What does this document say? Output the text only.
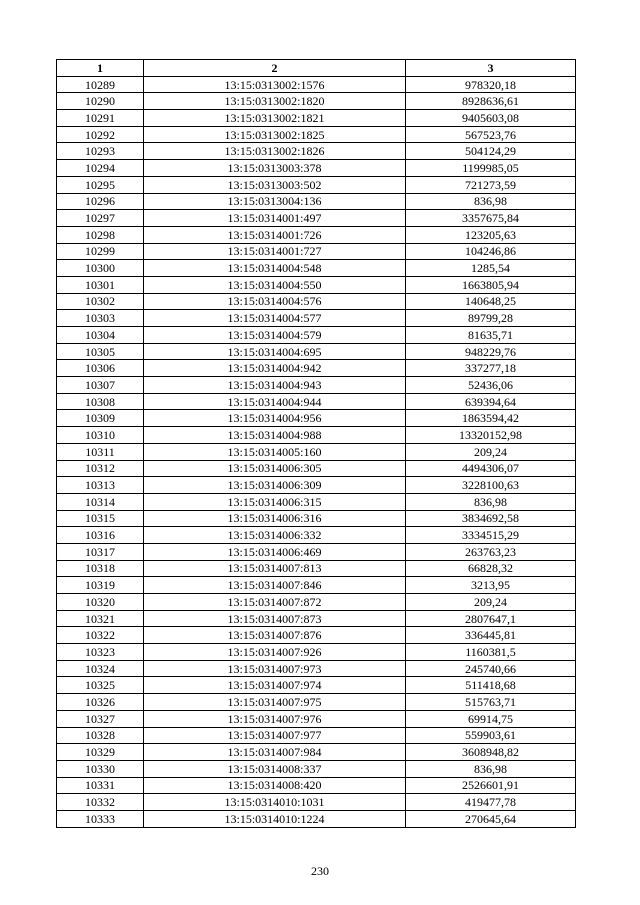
1	2	3
10289	13:15:0313002:1576	978320,18
10290	13:15:0313002:1820	8928636,61
10291	13:15:0313002:1821	9405603,08
10292	13:15:0313002:1825	567523,76
10293	13:15:0313002:1826	504124,29
10294	13:15:0313003:378	1199985,05
10295	13:15:0313003:502	721273,59
10296	13:15:0313004:136	836,98
10297	13:15:0314001:497	3357675,84
10298	13:15:0314001:726	123205,63
10299	13:15:0314001:727	104246,86
10300	13:15:0314004:548	1285,54
10301	13:15:0314004:550	1663805,94
10302	13:15:0314004:576	140648,25
10303	13:15:0314004:577	89799,28
10304	13:15:0314004:579	81635,71
10305	13:15:0314004:695	948229,76
10306	13:15:0314004:942	337277,18
10307	13:15:0314004:943	52436,06
10308	13:15:0314004:944	639394,64
10309	13:15:0314004:956	1863594,42
10310	13:15:0314004:988	13320152,98
10311	13:15:0314005:160	209,24
10312	13:15:0314006:305	4494306,07
10313	13:15:0314006:309	3228100,63
10314	13:15:0314006:315	836,98
10315	13:15:0314006:316	3834692,58
10316	13:15:0314006:332	3334515,29
10317	13:15:0314006:469	263763,23
10318	13:15:0314007:813	66828,32
10319	13:15:0314007:846	3213,95
10320	13:15:0314007:872	209,24
10321	13:15:0314007:873	2807647,1
10322	13:15:0314007:876	336445,81
10323	13:15:0314007:926	1160381,5
10324	13:15:0314007:973	245740,66
10325	13:15:0314007:974	511418,68
10326	13:15:0314007:975	515763,71
10327	13:15:0314007:976	69914,75
10328	13:15:0314007:977	559903,61
10329	13:15:0314007:984	3608948,82
10330	13:15:0314008:337	836,98
10331	13:15:0314008:420	2526601,91
10332	13:15:0314010:1031	419477,78
10333	13:15:0314010:1224	270645,64
230
